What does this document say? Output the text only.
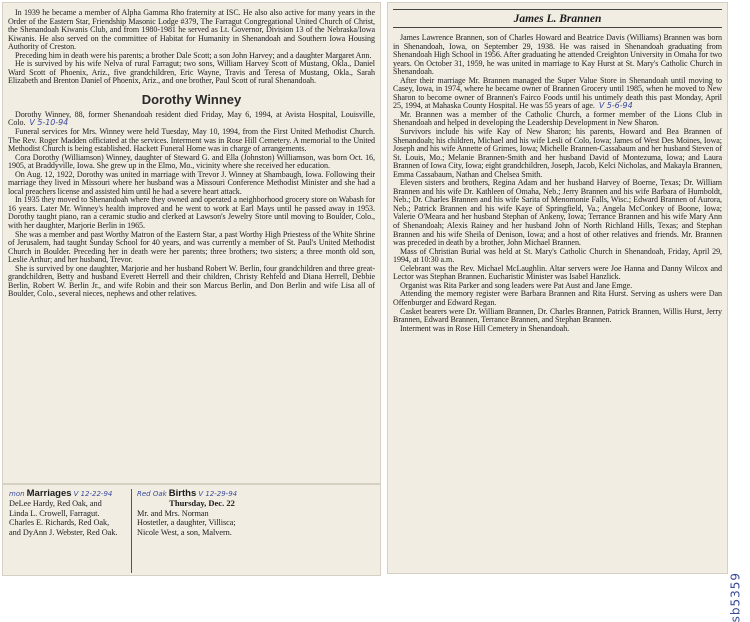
In 1939 he became a member of Alpha Gamma Rho fraternity at ISC. He also also active for many years in the Order of the Eastern Star, Friendship Masonic Lodge #379, The Farragut Congregational United Church of Christ, the Shenandoah Kiwanis Club, and from 1980-1981 he served as Lt. Governor, Division 13 of the Nebraska/Iowa Kiwanis. He also served on the committee of Habitat for Humanity in Shenandoah and Southern Iowa Housing Authority of Creston.

Preceding him in death were his parents; a brother Dale Scott; a son John Harvey; and a daughter Margaret Ann.

He is survived by his wife Nelva of rural Farragut; two sons, William Harvey Scott of Mustang, Okla., Daniel Ward Scott of Phoenix, Ariz., five grandchildren, Eric Wayne, Travis and Teresa of Mustang, Okla., Sarah Elizabeth and Brenton Daniel of Phoenix, Ariz., and one brother, Paul Scott of rural Shenandoah.

Dorothy Winney

Dorothy Winney, 88, former Shenandoah resident died Friday, May 6, 1994, at Avista Hospital, Louisville, Colo. V 5-10-94

Funeral services for Mrs. Winney were held Tuesday, May 10, 1994, from the First United Methodist Church. The Rev. Roger Madden officiated at the services. Interment was in Rose Hill Cemetery. A memorial to the United Methodist Church is being established. Hackett Funeral Home was in charge of arrangements.

Cora Dorothy (Williamson) Winney, daughter of Steward G. and Ella (Johnston) Williamson, was born Oct. 16, 1905, at Braddyville, Iowa. She grew up in the Elmo, Mo., vicinity where she received her education.

On Aug. 12, 1922, Dorothy was united in marriage with Trevor J. Winney at Shambaugh, Iowa. Following their marriage they lived in Missouri where her husband was a Missouri Conference Methodist Minister and she had a local preachers license and assisted him until he had a severe heart attack.

In 1935 they moved to Shenandoah where they owned and operated a neighborhood grocery store on Wabash for 16 years. Later Mr. Winney's health improved and he went to work at Earl Mays until he passed away in 1953. Dorothy taught piano, ran a ceramic studio and clerked at Lawson's Jewelry Store until moving to Boulder, Colo., with her daughter, Marjorie Berlin in 1965.

She was a member and past Worthy Matron of the Eastern Star, a past Worthy High Priestess of the White Shrine of Jerusalem, had taught Sunday School for 40 years, and was currently a member of St. Paul's United Methodist Church in Boulder. Preceding her in death were her parents; three brothers; two sisters; a three month old son, Leslie Arthur; and her husband, Trevor.

She is survived by one daughter, Marjorie and her husband Robert W. Berlin, four grandchildren and three great-grandchildren, Betty and husband Everett Herrell and their children, Christy Rehfeld and Diana Herrell, Debbie Berlin, Robert W. Berlin Jr., and wife Robin and their son Marcus Berlin, and Don Berlin and wife Lisa all of Boulder, Colo., several nieces, nephews and other relatives.

mon Marriages V 12-22-94

DeLee Hardy, Red Oak, and

Linda L. Crowell, Farragut.

Charles E. Richards, Red Oak,

and DyAnn J. Webster, Red Oak.

Red Oak Births V 12-29-94
Thursday, Dec. 22

Mr. and Mrs. Norman

Hostetler, a daughter, Villisca;

Nicole West, a son, Malvern.

James L. Brannen

James Lawrence Brannen, son of Charles Howard and Beatrice Davis (Williams) Brannen was born in Shenandoah, Iowa, on September 29, 1938. He was raised in Shenandoah graduating from Shenandoah High School in 1956. After graduating he attended Creighton University in Omaha for two years. On October 31, 1959, he was united in marriage to Kay Hurst at St. Mary's Catholic Church in Shenandoah.

After their marriage Mr. Brannen managed the Super Value Store in Shenandoah until moving to Casey, Iowa, in 1974, where he became owner of Brannen Grocery until 1985, when he moved to New Sharon to become owner of Brannen's Fairco Foods until his untimely death this past Monday, April 25, 1994, at Mahaska County Hospital. He was 55 years of age. V 5-6-94

Mr. Brannen was a member of the Catholic Church, a former member of the Lions Club in Shenandoah and helped in developing the Leadership Development in New Sharon.

Survivors include his wife Kay of New Sharon; his parents, Howard and Bea Brannen of Shenandoah; his children, Michael and his wife Lesli of Colo, Iowa; James of West Des Moines, Iowa; Joseph and his wife Annette of Grimes, Iowa; Michelle Brannen-Cassabaum and her husband Steven of St. Louis, Mo.; Melanie Brannen-Smith and her husband David of Montezuma, Iowa; and Laura Brannen of Iowa City, Iowa; eight grandchildren, Joseph, Jacob, Kelci Nicholas, and Makayla Brannen, Emma Cassabaum, Nathan and Chelsea Smith.

Eleven sisters and brothers, Regina Adam and her husband Harvey of Boerne, Texas; Dr. William Brannen and his wife Dr. Kathleen of Omaha, Neb.; Jerry Brannen and his wife Barbara of Humboldt, Neb.; Dr. Charles Brannen and his wife Sarita of Menomonie Falls, Wisc.; Edward Brannen of Aurora, Neb.; Patrick Brannen and his wife Kaye of Springfield, Va.; Angela McConkey of Boone, Iowa; Valerie O'Meara and her husband Stephan of Ankeny, Iowa; Terrance Brannen and his wife Mary Ann of Shenandoah; Alexis Rainey and her husband John of North Richland Hills, Texas; and Stephan Brannen and his wife Sheila of Denison, Iowa; and a host of other relatives and friends. Mr. Brannen was preceded in death by a brother, John Michael Brannen.

Mass of Christian Burial was held at St. Mary's Catholic Church in Shenandoah, Friday, April 29, 1994, at 10:30 a.m.

Celebrant was the Rev. Michael McLaughlin. Altar servers were Joe Hanna and Danny Wilcox and Lector was Stephan Brannen. Eucharistic Minister was Isabel Hanzlick.

Organist was Rita Parker and song leaders were Pat Aust and Jane Emge.

Attending the memory register were Barbara Brannen and Rita Hurst. Serving as ushers were Dan Offenburger and Edward Regan.

Casket bearers were Dr. William Brannen, Dr. Charles Brannen, Patrick Brannen, Willis Hurst, Jerry Brannen, Edward Brannen, Terrance Brannen, and Stephan Brannen.

Interment was in Rose Hill Cemetery in Shenandoah.

sb5359
